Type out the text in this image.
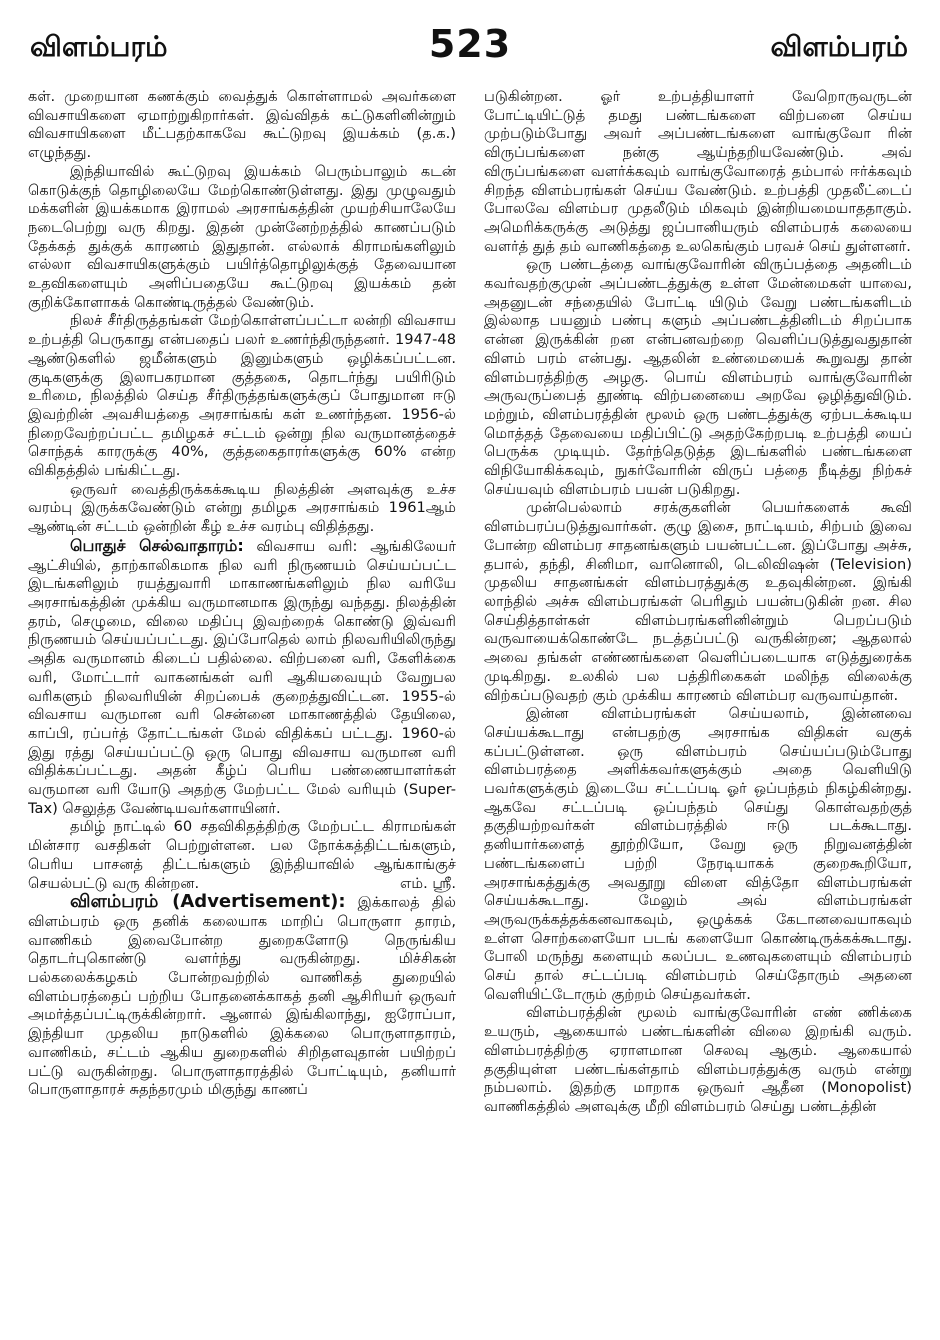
விளம்பரம்	523	விளம்பரம்

கள். முறையான கணக்கும் வைத்துக் கொள்ளாமல் அவர்களை விவசாயிகளை ஏமாற்றுகிறார்கள். இவ்விதக் கட்டுகளினின்றும் விவசாயிகளை மீட்பதற்காகவே கூட்டுறவு இயக்கம் (த.க.) எழுந்தது.

இந்தியாவில் கூட்டுறவு இயக்கம் பெரும்பாலும் கடன் கொடுக்குந் தொழிலையே மேற்கொண்டுள்ளது. இது முழுவதும் மக்களின் இயக்கமாக இராமல் அரசாங்கத்தின் முயற்சியாலேயே நடைபெற்று வரு கிறது. இதன் முன்னேற்றத்தில் காணப்படும் தேக்கத் துக்குக் காரணம் இதுதான். எல்லாக் கிராமங்களிலும் எல்லா விவசாயிகளுக்கும் பயிர்த்தொழிலுக்குத் தேவையான உதவிகளையும் அளிப்பதையே கூட்டுறவு இயக்கம் தன் குறிக்கோளாகக் கொண்டிருத்தல் வேண்டும்.

நிலச் சீர்திருத்தங்கள் மேற்கொள்ளப்பட்டா லன்றி விவசாய உற்பத்தி பெருகாது என்பதைப் பலர் உணர்ந்திருந்தனர். 1947-48 ஆண்டுகளில் ஜமீன்களும் இனும்களும் ஒழிக்கப்பட்டன. குடிகளுக்கு இலாபகரமான குத்தகை, தொடர்ந்து பயிரிடும் உரிமை, நிலத்தில் செய்த சீர்திருத்தங்களுக்குப் போதுமான ஈடு இவற்றின் அவசியத்தை அரசாங்கங் கள் உணர்ந்தன. 1956-ல் நிறைவேற்றப்பட்ட தமிழகச் சட்டம் ஒன்று நில வருமானத்தைச் சொந்தக் காரருக்கு 40%, குத்தகைதாரர்களுக்கு 60% என்ற விகிதத்தில் பங்கிட்டது.

ஒருவர் வைத்திருக்கக்கூடிய நிலத்தின் அளவுக்கு உச்ச வரம்பு இருக்கவேண்டும் என்று தமிழக அரசாங்கம் 1961ஆம் ஆண்டின் சட்டம் ஒன்றின் கீழ் உச்ச வரம்பு விதித்தது.

பொதுச் செல்வாதாரம்: விவசாய வரி: ஆங்கிலேயர் ஆட்சியில், தாற்காலிகமாக நில வரி நிருணயம் செய்யப்பட்ட இடங்களிலும் ரயத்துவாரி மாகாணங்களிலும் நில வரியே அரசாங்கத்தின் முக்கிய வருமானமாக இருந்து வந்தது. நிலத்தின் தரம், செழுமை, விலை மதிப்பு இவற்றைக் கொண்டு இவ்வரி நிருணயம் செய்யப்பட்டது. இப்போதெல் லாம் நிலவரியிலிருந்து அதிக வருமானம் கிடைப் பதில்லை. விற்பனை வரி, கேளிக்கை வரி, மோட்டார் வாகனங்கள் வரி ஆகியவையும் வேறுபல வரிகளும் நிலவரியின் சிறப்பைக் குறைத்துவிட்டன. 1955-ல் விவசாய வருமான வரி சென்னை மாகாணத்தில் தேயிலை, காப்பி, ரப்பர்த் தோட்டங்கள் மேல் விதிக்கப் பட்டது. 1960-ல் இது ரத்து செய்யப்பட்டு ஒரு பொது விவசாய வருமான வரி விதிக்கப்பட்டது. அதன் கீழ்ப் பெரிய பண்ணையாளர்கள் வருமான வரி யோடு அதற்கு மேற்பட்ட மேல் வரியும் (Super-Tax) செலுத்த வேண்டியவர்களாயினர்.

தமிழ் நாட்டில் 60 சதவிகிதத்திற்கு மேற்பட்ட கிராமங்கள் மின்சார வசதிகள் பெற்றுள்ளன. பல நோக்கத்திட்டங்களும், பெரிய பாசனத் திட்டங்களும் இந்தியாவில் ஆங்காங்குச் செயல்பட்டு வரு கின்றன.	எம். ஸ்ரீ.

விளம்பரம் (Advertisement): இக்காலத் தில் விளம்பரம் ஒரு தனிக் கலையாக மாறிப் பொருளா தாரம், வாணிகம் இவைபோன்ற துறைகளோடு நெருங்கிய தொடர்புகொண்டு வளர்ந்து வருகின்றது. மிச்சிகன் பல்கலைக்கழகம் போன்றவற்றில் வாணிகத் துறையில் விளம்பரத்தைப் பற்றிய போதனைக்காகத் தனி ஆசிரியர் ஒருவர் அமர்த்தப்பட்டிருக்கின்றார். ஆனால் இங்கிலாந்து, ஐரோப்பா, இந்தியா முதலிய நாடுகளில் இக்கலை பொருளாதாரம், வாணிகம், சட்டம் ஆகிய துறைகளில் சிறிதளவுதான் பயிற்றப் பட்டு வருகின்றது. பொருளாதாரத்தில் போட்டியும், தனியார் பொருளாதாரச் சுதந்தரமும் மிகுந்து காணப்

படுகின்றன. ஓர் உற்பத்தியாளர் வேறொருவருடன் போட்டியிட்டுத் தமது பண்டங்களை விற்பனை செய்ய முற்படும்போது அவர் அப்பண்டங்களை வாங்குவோ ரின் விருப்பங்களை நன்கு ஆய்ந்தறியவேண்டும். அவ் விருப்பங்களை வளர்க்கவும் வாங்குவோரைத் தம்பால் ஈர்க்கவும் சிறந்த விளம்பரங்கள் செய்ய வேண்டும். உற்பத்தி முதலீட்டைப் போலவே விளம்பர முதலீடும் மிகவும் இன்றியமையாததாகும். அமெரிக்கருக்கு அடுத்து ஜப்பானியரும் விளம்பரக் கலையை வளர்த் துத் தம் வாணிகத்தை உலகெங்கும் பரவச் செய் துள்ளனர்.

ஒரு பண்டத்தை வாங்குவோரின் விருப்பத்தை அதனிடம் கவர்வதற்குமுன் அப்பண்டத்துக்கு உள்ள மேன்மைகள் யாவை, அதனுடன் சந்தையில் போட்டி யிடும் வேறு பண்டங்களிடம் இல்லாத பயனும் பண்பு களும் அப்பண்டத்தினிடம் சிறப்பாக என்ன இருக்கின் றன என்பனவற்றை வெளிப்படுத்துவதுதான் விளம் பரம் என்பது. ஆதலின் உண்மையைக் கூறுவது தான் விளம்பரத்திற்கு அழகு. பொய் விளம்பரம் வாங்குவோரின் அருவருப்பைத் தூண்டி விற்பனையை அறவே ஒழித்துவிடும். மற்றும், விளம்பரத்தின் மூலம் ஒரு பண்டத்துக்கு ஏற்படக்கூடிய மொத்தத் தேவையை மதிப்பிட்டு அதற்கேற்றபடி உற்பத்தி யைப் பெருக்க முடியும். தேர்ந்தெடுத்த இடங்களில் பண்டங்களை விநியோகிக்கவும், நுகர்வோரின் விருப் பத்தை நீடித்து நிற்கச் செய்யவும் விளம்பரம் பயன் படுகிறது.

முன்பெல்லாம் சரக்குகளின் பெயர்களைக் கூவி விளம்பரப்படுத்துவார்கள். குழு இசை, நாட்டியம், சிற்பம் இவை போன்ற விளம்பர சாதனங்களும் பயன்பட்டன. இப்போது அச்சு, தபால், தந்தி, சினிமா, வானொலி, டெலிவிஷன் (Television) முதலிய சாதனங்கள் விளம்பரத்துக்கு உதவுகின்றன. இங்கி லாந்தில் அச்சு விளம்பரங்கள் பெரிதும் பயன்படுகின் றன. சில செய்தித்தாள்கள் விளம்பரங்களினின்றும் பெறப்படும் வருவாயைக்கொண்டே நடத்தப்பட்டு வருகின்றன; ஆதலால் அவை தங்கள் எண்ணங்களை வெளிப்படையாக எடுத்துரைக்க முடிகிறது. உலகில் பல பத்திரிகைகள் மலிந்த விலைக்கு விற்கப்படுவதற் கும் முக்கிய காரணம் விளம்பர வருவாய்தான்.

இன்ன விளம்பரங்கள் செய்யலாம், இன்னவை செய்யக்கூடாது என்பதற்கு அரசாங்க விதிகள் வகுக் கப்பட்டுள்ளன. ஒரு விளம்பரம் செய்யப்படும்போது விளம்பரத்தை அளிக்கவர்களுக்கும் அதை வெளியிடு பவர்களுக்கும் இடையே சட்டப்படி ஓர் ஒப்பந்தம் நிகழ்கின்றது. ஆகவே சட்டப்படி ஒப்பந்தம் செய்து கொள்வதற்குத் தகுதியற்றவர்கள் விளம்பரத்தில் ஈடு படக்கூடாது. தனியார்களைத் தூற்றியோ, வேறு ஒரு நிறுவனத்தின் பண்டங்களைப் பற்றி நேரடியாகக் குறைகூறியோ, அரசாங்கத்துக்கு அவதூறு விளை வித்தோ விளம்பரங்கள் செய்யக்கூடாது. மேலும் அவ் விளம்பரங்கள் அருவருக்கத்தக்கனவாகவும், ஒழுக்கக் கேடானவையாகவும் உள்ள சொற்களையோ படங் களையோ கொண்டிருக்கக்கூடாது. போலி மருந்து களையும் கலப்பட உணவுகளையும் விளம்பரம் செய் தால் சட்டப்படி விளம்பரம் செய்தோரும் அதனை வெளியிட்டோரும் குற்றம் செய்தவர்கள்.

விளம்பரத்தின் மூலம் வாங்குவோரின் எண் ணிக்கை உயரும், ஆகையால் பண்டங்களின் விலை இறங்கி வரும். விளம்பரத்திற்கு ஏராளமான செலவு ஆகும். ஆகையால் தகுதியுள்ள பண்டங்கள்தாம் விளம்பரத்துக்கு வரும் என்று நம்பலாம். இதற்கு மாறாக ஒருவர் ஆதீன (Monopolist) வாணிகத்தில் அளவுக்கு மீறி விளம்பரம் செய்து பண்டத்தின்
